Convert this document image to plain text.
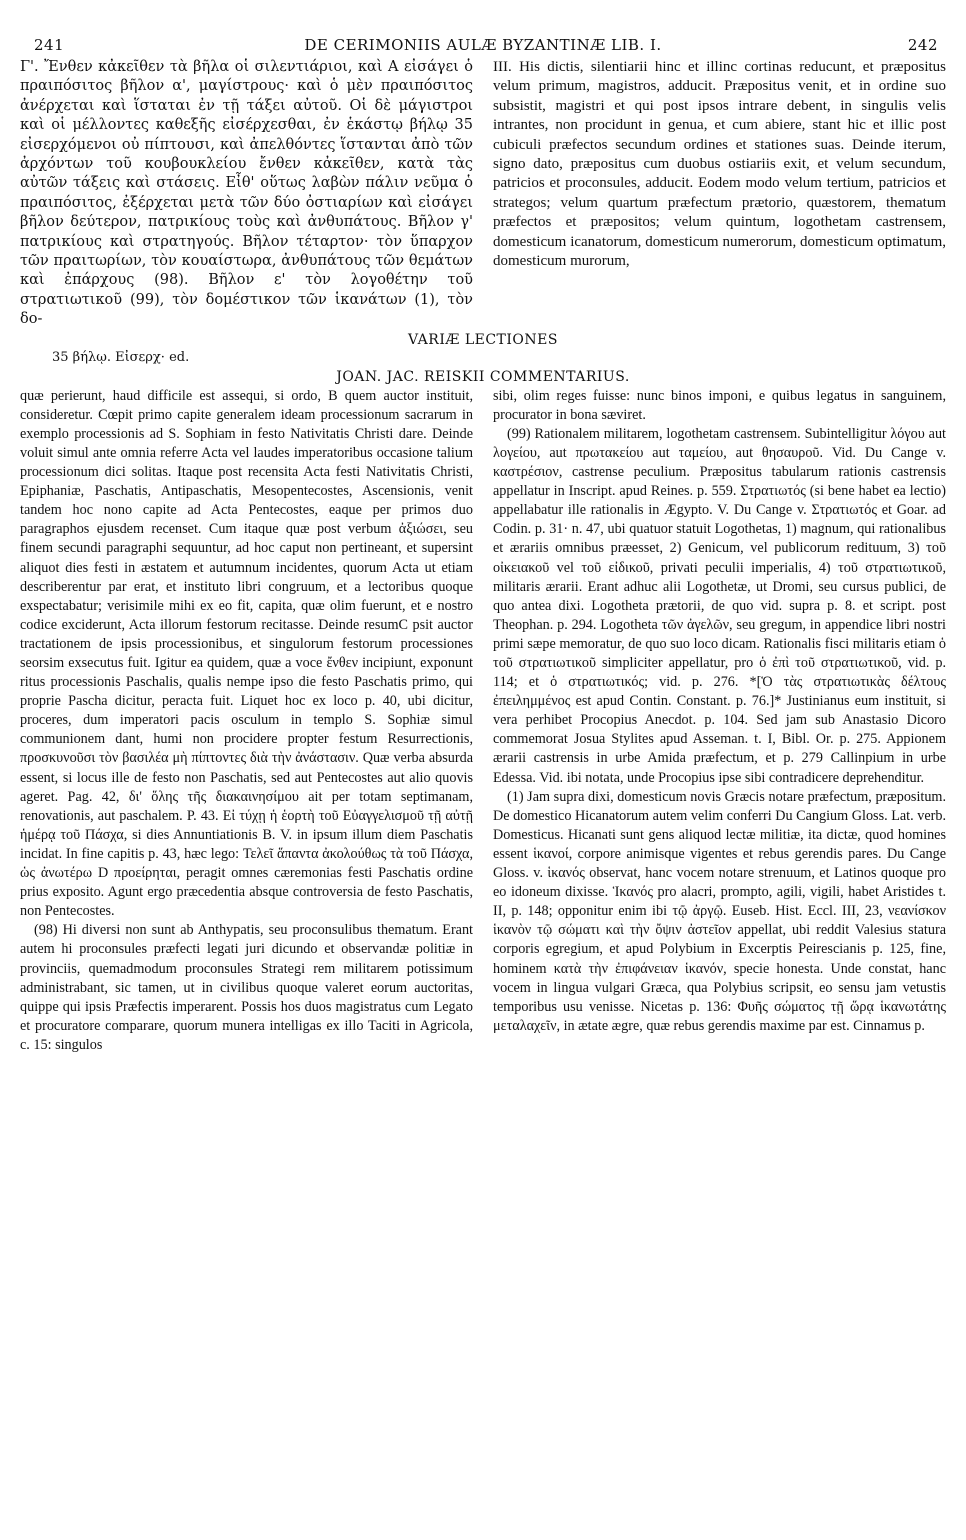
241	DE CERIMONIIS AULÆ BYZANTINÆ LIB. I.	242

Γ'. Ἔνθεν κἀκεῖθεν τὰ βῆλα οἱ σιλεντιάριοι, καὶ Α εἰσάγει ὁ πραιπόσιτος βῆλον α', μαγίστρους· καὶ ὁ μὲν πραιπόσιτος ἀνέρχεται καὶ ἵσταται ἐν τῇ τάξει αὐτοῦ. Οἱ δὲ μάγιστροι καὶ οἱ μέλλοντες καθεξῆς εἰσέρχεσθαι, ἐν ἑκάστῳ βήλῳ 35 εἰσερχόμενοι οὐ πίπτουσι, καὶ ἀπελθόντες ἵστανται ἀπὸ τῶν ἀρχόντων τοῦ κουβουκλείου ἔνθεν κἀκεῖθεν, κατὰ τὰς αὐτῶν τάξεις καὶ στάσεις. Εἶθ' οὕτως λαβὼν πάλιν νεῦμα ὁ πραιπόσιτος, ἐξέρχεται μετὰ τῶν δύο ὀστιαρίων καὶ εἰσάγει βῆλον δεύτερον, πατρικίους τοὺς καὶ ἀνθυπάτους. Βῆλον γ' πατρικίους καὶ στρατηγούς. Βῆλον τέταρτον· τὸν ὕπαρχον τῶν πραιτωρίων, τὸν κουαίστωρα, ἀνθυπάτους τῶν θεμάτων καὶ ἐπάρχους (98). Βῆλον ε' τὸν λογοθέτην τοῦ στρατιωτικοῦ (99), τὸν δομέστικον τῶν ἱκανάτων (1), τὸν δο-

III. His dictis, silentiarii hinc et illinc cortinas reducunt, et præpositus velum primum, magistros, adducit. Præpositus venit, et in ordine suo subsistit, magistri et qui post ipsos intrare debent, in singulis velis intrantes, non procidunt in genua, et cum abiere, stant hic et illic post cubiculi præfectos secundum ordines et stationes suas. Deinde iterum, signo dato, præpositus cum duobus ostiariis exit, et velum secundum, patricios et proconsules, adducit. Eodem modo velum tertium, patricios et strategos; velum quartum præfectum prætorio, quæstorem, thematum præfectos et præpositos; velum quintum, logothetam castrensem, domesticum icanatorum, domesticum numerorum, domesticum optimatum, domesticum murorum,

VARIÆ LECTIONES
35 βήλῳ. Εἰσερχ· ed.
JOAN. JAC. REISKII COMMENTARIUS.

quæ perierunt, haud difficile est assequi, si ordo, B quem auctor instituit, consideretur. Cœpit primo capite generalem ideam processionum sacrarum in exemplo processionis ad S. Sophiam in festo Nativitatis Christi dare. Deinde voluit simul ante omnia referre Acta vel laudes imperatoribus occasione talium processionum dici solitas. Itaque post recensita Acta festi Nativitatis Christi, Epiphaniæ, Paschatis, Antipaschatis, Mesopentecostes, Ascensionis, venit tandem hoc nono capite ad Acta Pentecostes, eaque per primos duo paragraphos ejusdem recenset. Cum itaque quæ post verbum ἀξιώσει, seu finem secundi paragraphi sequuntur, ad hoc caput non pertineant, et supersint aliquot dies festi in æstatem et autumnum incidentes, quorum Acta ut etiam describerentur par erat, et instituto libri congruum, et a lectoribus quoque exspectabatur; verisimile mihi ex eo fit, capita, quæ olim fuerunt, et e nostro codice exciderunt, Acta illorum festorum recitasse. Deinde resumC psit auctor tractationem de ipsis processionibus, et singulorum festorum processiones seorsim exsecutus fuit. Igitur ea quidem, quæ a voce ἔνθεν incipiunt, exponunt ritus processionis Paschalis, qualis nempe ipso die festo Paschatis primo, qui proprie Pascha dicitur, peracta fuit. Liquet hoc ex loco p. 40, ubi dicitur, proceres, dum imperatori pacis osculum in templo S. Sophiæ simul communionem dant, humi non procidere propter festum Resurrectionis, προσκυνοῦσι τὸν βασιλέα μὴ πίπτοντες διὰ τὴν ἀνάστασιν. Quæ verba absurda essent, si locus ille de festo non Paschatis, sed aut Pentecostes aut alio quovis ageret. Pag. 42, δι' ὅλης τῆς διακαινησίμου ait per totam septimanam, renovationis, aut paschalem. P. 43. Εἰ τύχῃ ἡ ἑορτὴ τοῦ Εὐαγγελισμοῦ τῇ αὐτῇ ἡμέρᾳ τοῦ Πάσχα, si dies Annuntiationis B. V. in ipsum illum diem Paschatis incidat. In fine capitis p. 43, hæc lego: Τελεῖ ἅπαντα ἀκολούθως τὰ τοῦ Πάσχα, ὡς ἀνωτέρω D προείρηται, peragit omnes cæremonias festi Paschatis ordine prius exposito. Agunt ergo præcedentia absque controversia de festo Paschatis, non Pentecostes.

(98) Hi diversi non sunt ab Anthypatis, seu proconsulibus thematum. Erant autem hi proconsules præfecti legati juri dicundo et observandæ politiæ in provinciis, quemadmodum proconsules Strategi rem militarem potissimum administrabant, sic tamen, ut in civilibus quoque valeret eorum auctoritas, quippe qui ipsis Præfectis imperarent. Possis hos duos magistratus cum Legato et procuratore comparare, quorum munera intelligas ex illo Taciti in Agricola, c. 15: singulos

sibi, olim reges fuisse: nunc binos imponi, e quibus legatus in sanguinem, procurator in bona sæviret.

(99) Rationalem militarem, logothetam castrensem. Subintelligitur λόγου aut λογείου, aut πρωτακείου aut ταμείου, aut θησαυροῦ. Vid. Du Cange v. καστρέσιον, castrense peculium. Præpositus tabularum rationis castrensis appellatur in Inscript. apud Reines. p. 559. Στρατιωτός (si bene habet ea lectio) appellabatur ille rationalis in Ægypto. V. Du Cange v. Στρατιωτός et Goar. ad Codin. p. 31· n. 47, ubi quatuor statuit Logothetas, 1) magnum, qui rationalibus et ærariis omnibus præesset, 2) Genicum, vel publicorum redituum, 3) τοῦ οἰκειακοῦ vel τοῦ εἰδικοῦ, privati peculii imperialis, 4) τοῦ στρατιωτικοῦ, militaris ærarii. Erant adhuc alii Logothetæ, ut Dromi, seu cursus publici, de quo antea dixi. Logotheta prætorii, de quo vid. supra p. 8. et script. post Theophan. p. 294. Logotheta τῶν ἀγελῶν, seu gregum, in appendice libri nostri primi sæpe memoratur, de quo suo loco dicam. Rationalis fisci militaris etiam ὁ τοῦ στρατιωτικοῦ simpliciter appellatur, pro ὁ ἐπὶ τοῦ στρατιωτικοῦ, vid. p. 114; et ὁ στρατιωτικός; vid. p. 276. *[Ὁ τὰς στρατιωτικὰς δέλτους ἐπειλημμένος est apud Contin. Constant. p. 76.]* Justinianus eum instituit, si vera perhibet Procopius Anecdot. p. 104. Sed jam sub Anastasio Dicoro commemorat Josua Stylites apud Asseman. t. I, Bibl. Or. p. 275. Appionem ærarii castrensis in urbe Amida præfectum, et p. 279 Callinpium in urbe Edessa. Vid. ibi notata, unde Procopius ipse sibi contradicere deprehenditur.

(1) Jam supra dixi, domesticum novis Græcis notare præfectum, præpositum. De domestico Hicanatorum autem velim conferri Du Cangium Gloss. Lat. verb. Domesticus. Hicanati sunt gens aliquod lectæ militiæ, ita dictæ, quod homines essent ἱκανοί, corpore animisque vigentes et rebus gerendis pares. Du Cange Gloss. v. ἱκανός observat, hanc vocem notare strenuum, et Latinos quoque pro eo idoneum dixisse. Ἱκανός pro alacri, prompto, agili, vigili, habet Aristides t. II, p. 148; opponitur enim ibi τῷ ἀργῷ. Euseb. Hist. Eccl. III, 23, νεανίσκον ἱκανὸν τῷ σώματι καὶ τὴν ὄψιν ἀστεῖον appellat, ubi reddit Valesius statura corporis egregium, et apud Polybium in Excerptis Peirescianis p. 125, fine, hominem κατὰ τὴν ἐπιφάνειαν ἱκανόν, specie honesta. Unde constat, hanc vocem in lingua vulgari Græca, qua Polybius scripsit, eo sensu jam vetustis temporibus usu venisse. Nicetas p. 136: Φυῆς σώματος τῇ ὥρᾳ ἱκανωτάτης μεταλαχεῖν, in ætate ægre, quæ rebus gerendis maxime par est. Cinnamus p.
